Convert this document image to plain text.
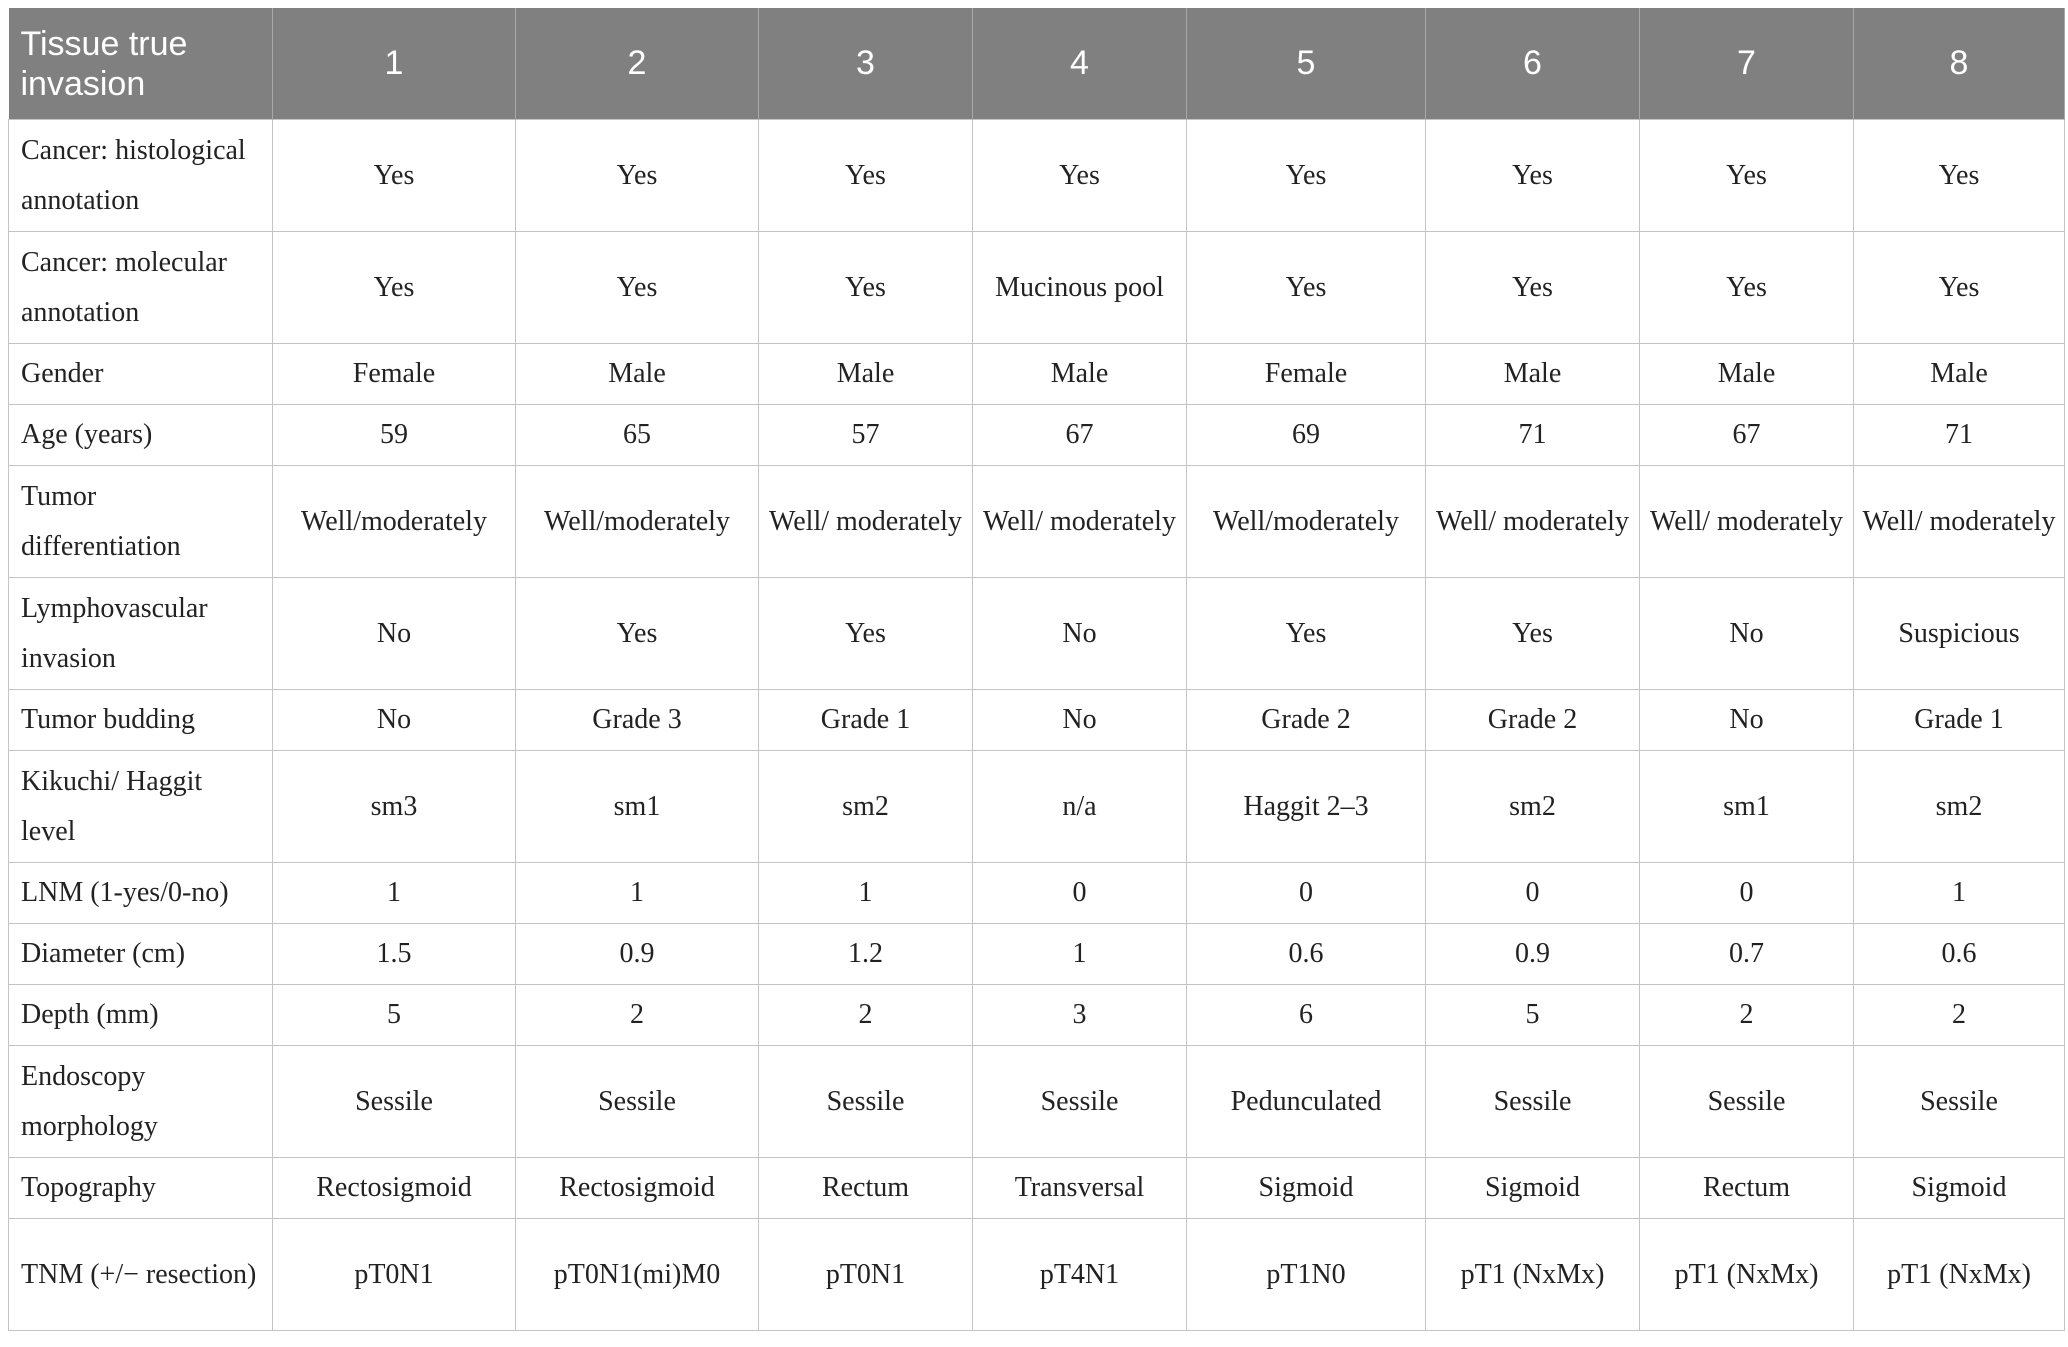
Tissue true invasion	1	2	3	4	5	6	7	8
Cancer: histological annotation	Yes	Yes	Yes	Yes	Yes	Yes	Yes	Yes
Cancer: molecular annotation	Yes	Yes	Yes	Mucinous pool	Yes	Yes	Yes	Yes
Gender	Female	Male	Male	Male	Female	Male	Male	Male
Age (years)	59	65	57	67	69	71	67	71
Tumor differentiation	Well/moderately	Well/moderately	Well/ moderately	Well/ moderately	Well/moderately	Well/ moderately	Well/ moderately	Well/ moderately
Lymphovascular invasion	No	Yes	Yes	No	Yes	Yes	No	Suspicious
Tumor budding	No	Grade 3	Grade 1	No	Grade 2	Grade 2	No	Grade 1
Kikuchi/ Haggit level	sm3	sm1	sm2	n/a	Haggit 2–3	sm2	sm1	sm2
LNM (1-yes/0-no)	1	1	1	0	0	0	0	1
Diameter (cm)	1.5	0.9	1.2	1	0.6	0.9	0.7	0.6
Depth (mm)	5	2	2	3	6	5	2	2
Endoscopy morphology	Sessile	Sessile	Sessile	Sessile	Pedunculated	Sessile	Sessile	Sessile
Topography	Rectosigmoid	Rectosigmoid	Rectum	Transversal	Sigmoid	Sigmoid	Rectum	Sigmoid
TNM (+/− resection)	pT0N1	pT0N1(mi)M0	pT0N1	pT4N1	pT1N0	pT1 (NxMx)	pT1 (NxMx)	pT1 (NxMx)
